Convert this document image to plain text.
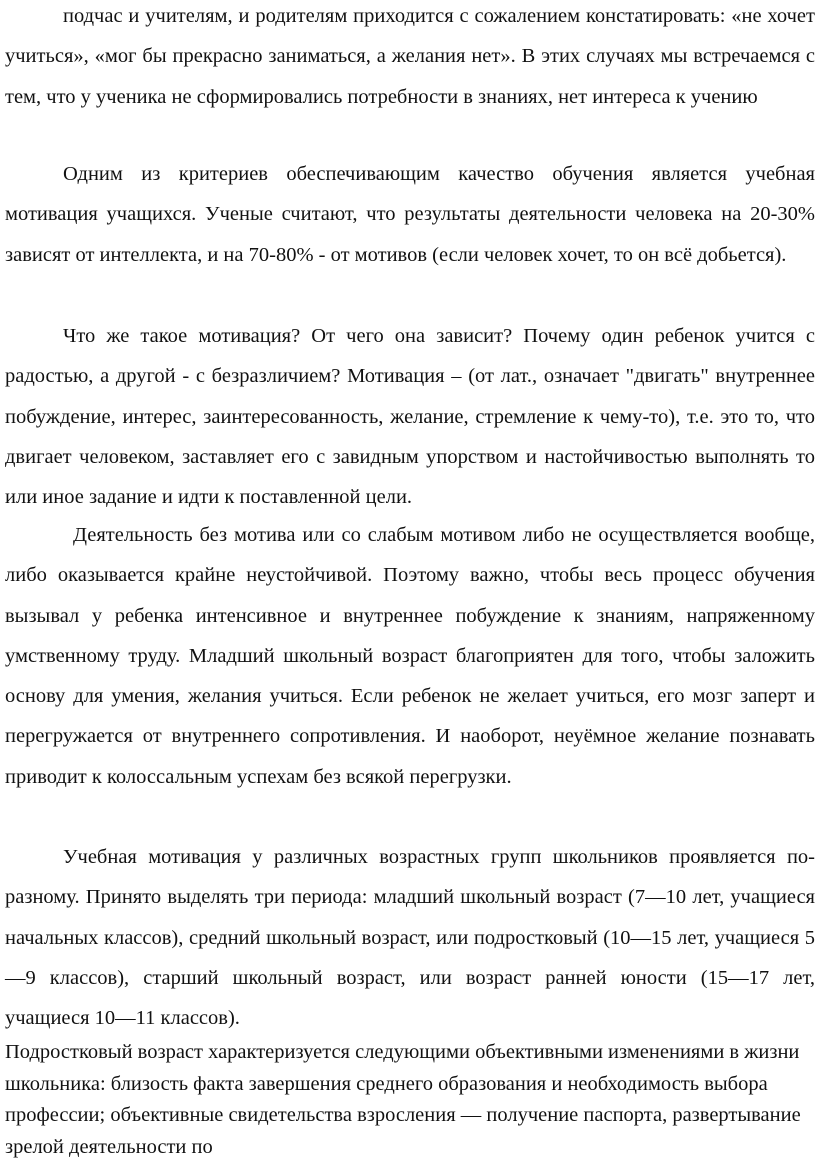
подчас и учителям, и родителям приходится с сожалением констатировать: «не хочет учиться», «мог бы прекрасно заниматься, а желания нет». В этих случаях мы встречаемся с тем, что у ученика не сформировались потребности в знаниях, нет интереса к учению

Одним из критериев обеспечивающим качество обучения является учебная мотивация учащихся. Ученые считают, что результаты деятельности человека на 20-30% зависят от интеллекта, и на 70-80% - от мотивов (если человек хочет, то он всё добьется).

Что же такое мотивация? От чего она зависит? Почему один ребенок учится с радостью, а другой - с безразличием? Мотивация – (от лат., означает "двигать" внутреннее побуждение, интерес, заинтересованность, желание, стремление к чему-то), т.е. это то, что двигает человеком, заставляет его с завидным упорством и настойчивостью выполнять то или иное задание и идти к поставленной цели.

Деятельность без мотива или со слабым мотивом либо не осуществляется вообще, либо оказывается крайне неустойчивой. Поэтому важно, чтобы весь процесс обучения вызывал у ребенка интенсивное и внутреннее побуждение к знаниям, напряженному умственному труду. Младший школьный возраст благоприятен для того, чтобы заложить основу для умения, желания учиться. Если ребенок не желает учиться, его мозг заперт и перегружается от внутреннего сопротивления. И наоборот, неуёмное желание познавать приводит к колоссальным успехам без всякой перегрузки.

Учебная мотивация у различных возрастных групп школьников проявляется по-разному. Принято выделять три периода: младший школьный возраст (7—10 лет, учащиеся начальных классов), средний школьный возраст, или подростковый (10—15 лет, учащиеся 5—9 классов), старший школьный возраст, или возраст ранней юности (15—17 лет, учащиеся 10—11 классов).

Подростковый возраст характеризуется следующими объективными изменениями в жизни школьника: близость факта завершения среднего образования и необходимость выбора профессии; объективные свидетельства взросления — получение паспорта, развертывание зрелой деятельности по
